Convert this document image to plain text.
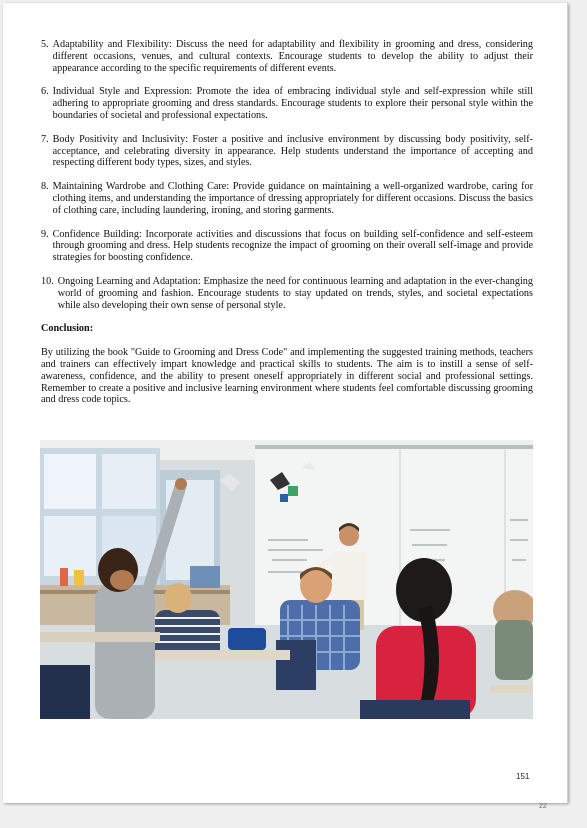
5. Adaptability and Flexibility: Discuss the need for adaptability and flexibility in grooming and dress, considering different occasions, venues, and cultural contexts. Encourage students to develop the ability to adjust their appearance according to the specific requirements of different events.
6. Individual Style and Expression: Promote the idea of embracing individual style and self-expression while still adhering to appropriate grooming and dress standards. Encourage students to explore their personal style within the boundaries of societal and professional expectations.
7. Body Positivity and Inclusivity: Foster a positive and inclusive environment by discussing body positivity, self-acceptance, and celebrating diversity in appearance. Help students understand the importance of accepting and respecting different body types, sizes, and styles.
8. Maintaining Wardrobe and Clothing Care: Provide guidance on maintaining a well-organized wardrobe, caring for clothing items, and understanding the importance of dressing appropriately for different occasions. Discuss the basics of clothing care, including laundering, ironing, and storing garments.
9. Confidence Building: Incorporate activities and discussions that focus on building self-confidence and self-esteem through grooming and dress. Help students recognize the impact of grooming on their overall self-image and provide strategies for boosting confidence.
10. Ongoing Learning and Adaptation: Emphasize the need for continuous learning and adaptation in the ever-changing world of grooming and fashion. Encourage students to stay updated on trends, styles, and societal expectations while also developing their own sense of personal style.
Conclusion:
By utilizing the book "Guide to Grooming and Dress Code" and implementing the suggested training methods, teachers and trainers can effectively impart knowledge and practical skills to students. The aim is to instill a sense of self-awareness, confidence, and the ability to present oneself appropriately in different social and professional settings. Remember to create a positive and inclusive learning environment where students feel comfortable discussing grooming and dress code topics.
151
22
